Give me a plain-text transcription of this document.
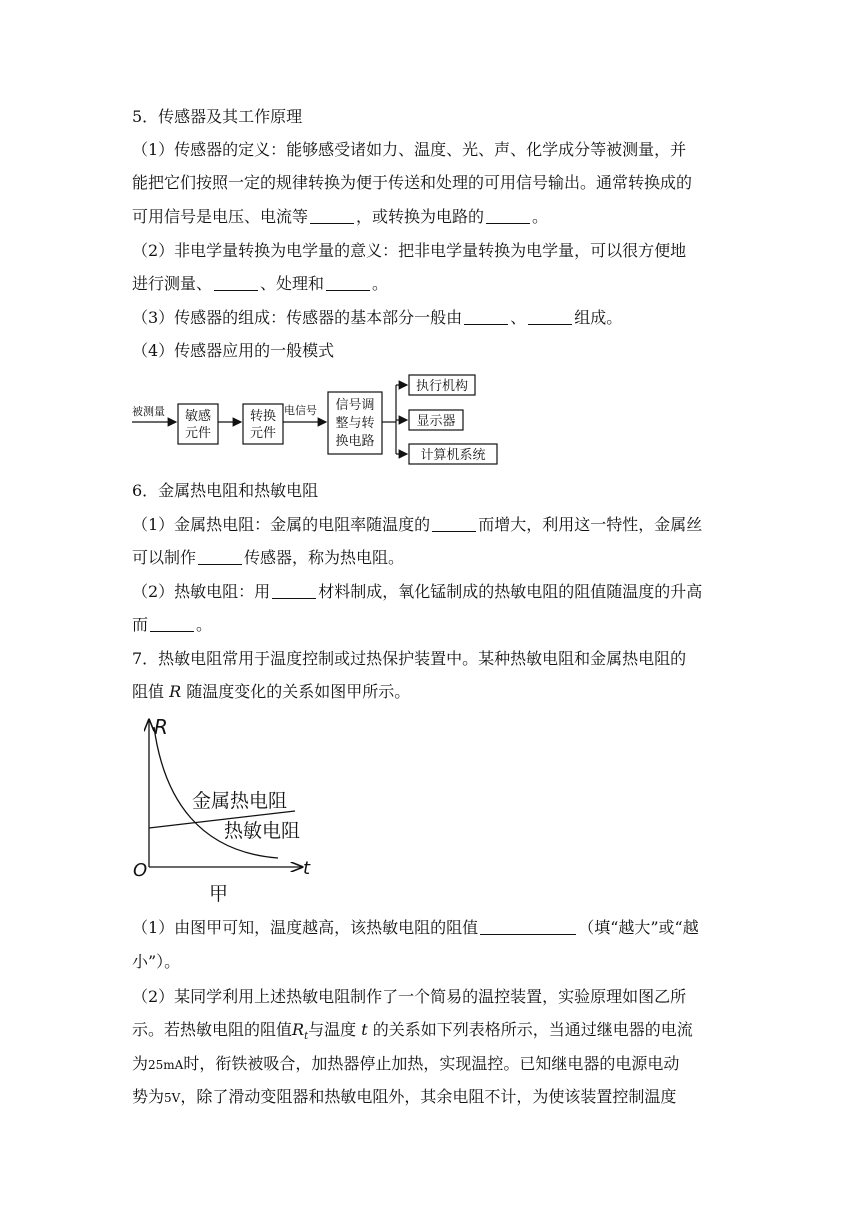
5．传感器及其工作原理
（1）传感器的定义：能够感受诸如力、温度、光、声、化学成分等被测量，并
能把它们按照一定的规律转换为便于传送和处理的可用信号输出。通常转换成的
可用信号是电压、电流等	，或转换为电路的	。
（2）非电学量转换为电学量的意义：把非电学量转换为电学量，可以很方便地
进行测量、	、处理和	。
（3）传感器的组成：传感器的基本部分一般由	、	组成。
（4）传感器应用的一般模式
被测量 敏感
元件
转换
元件
电信号 信号调
整与转
换电路
执行机构
显示器
计算机系统
6．金属热电阻和热敏电阻
（1）金属热电阻：金属的电阻率随温度的	而增大，利用这一特性，金属丝
可以制作	传感器，称为热电阻。
（2）热敏电阻：用	材料制成，氧化锰制成的热敏电阻的阻值随温度的升高
而	。
7．热敏电阻常用于温度控制或过热保护装置中。某种热敏电阻和金属热电阻的
阻值 R 随温度变化的关系如图甲所示。
R
t
O
金属热电阻
热敏电阻
甲
（1）由图甲可知，温度越高，该热敏电阻的阻值	（填“越大”或“越
小”）。
（2）某同学利用上述热敏电阻制作了一个简易的温控装置，实验原理如图乙所
示。若热敏电阻的阻值$R_t$与温度 t 的关系如下列表格所示，当通过继电器的电流
为25mA时，衔铁被吸合，加热器停止加热，实现温控。已知继电器的电源电动
势为5V，除了滑动变阻器和热敏电阻外，其余电阻不计，为使该装置控制温度
